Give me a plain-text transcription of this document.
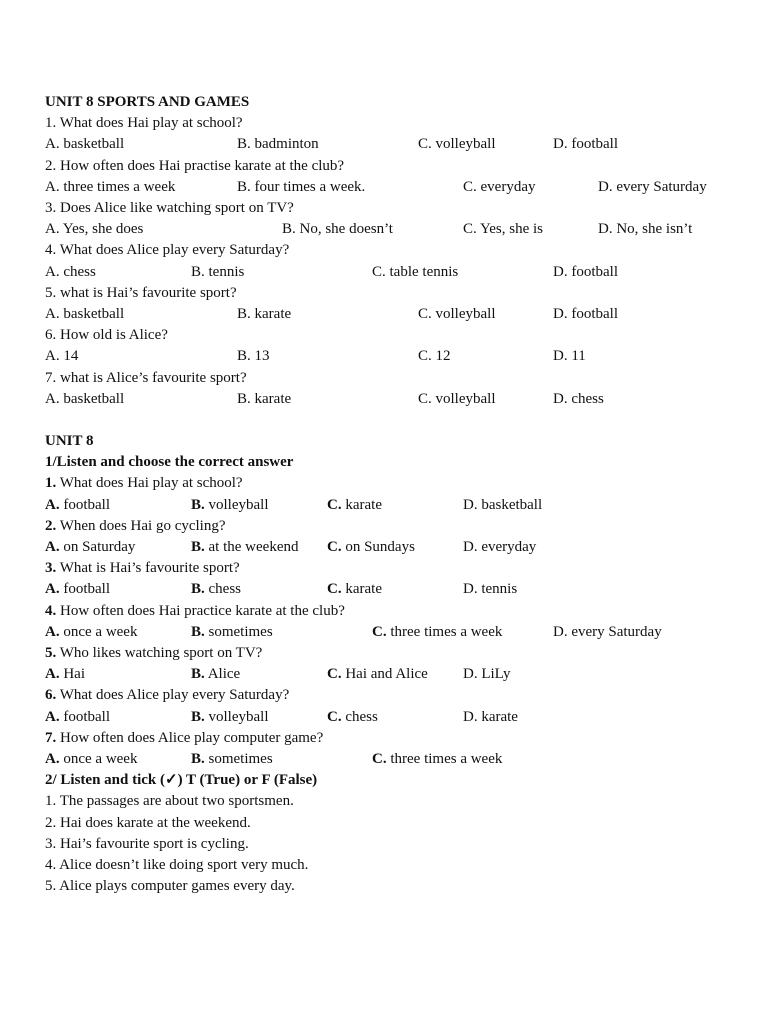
UNIT 8 SPORTS AND GAMES
1. What does Hai play at school?
A. basketball	B. badminton	C. volleyball	D. football
2. How often does Hai practise karate at the club?
A. three times a week	B. four times a week.	C. everyday	D. every Saturday
3. Does Alice like watching sport on TV?
A. Yes, she does	B. No, she doesn’t	C. Yes, she is	D. No, she isn’t
4. What does Alice play every Saturday?
A. chess	B. tennis	C. table tennis	D. football
5. what is Hai’s favourite sport?
A. basketball	B. karate	C. volleyball	D. football
6. How old is Alice?
A. 14	B. 13	C. 12	D. 11
7. what is Alice’s favourite sport?
A. basketball	B. karate	C. volleyball	D. chess
UNIT 8
1/Listen and choose the correct answer
1. What does Hai play at school?
A. football	B. volleyball	C. karate	D. basketball
2. When does Hai go cycling?
A. on Saturday	B. at the weekend C. on Sundays	D. everyday
3. What is Hai’s favourite sport?
A. football	B. chess	C. karate	D. tennis
4. How often does Hai practice karate at the club?
A. once a week	B. sometimes	C. three times a week	D. every Saturday
5. Who likes watching sport on TV?
A. Hai	B. Alice	C. Hai and Alice D. LiLy
6. What does Alice play every Saturday?
A. football	B. volleyball	C. chess	D. karate
7. How often does Alice play computer game?
A. once a week	B. sometimes	C. three times a week
2/ Listen and tick (✓) T (True) or F (False)
1. The passages are about two sportsmen.
2. Hai does karate at the weekend.
3. Hai’s favourite sport is cycling.
4. Alice doesn’t like doing sport very much.
5. Alice plays computer games every day.
